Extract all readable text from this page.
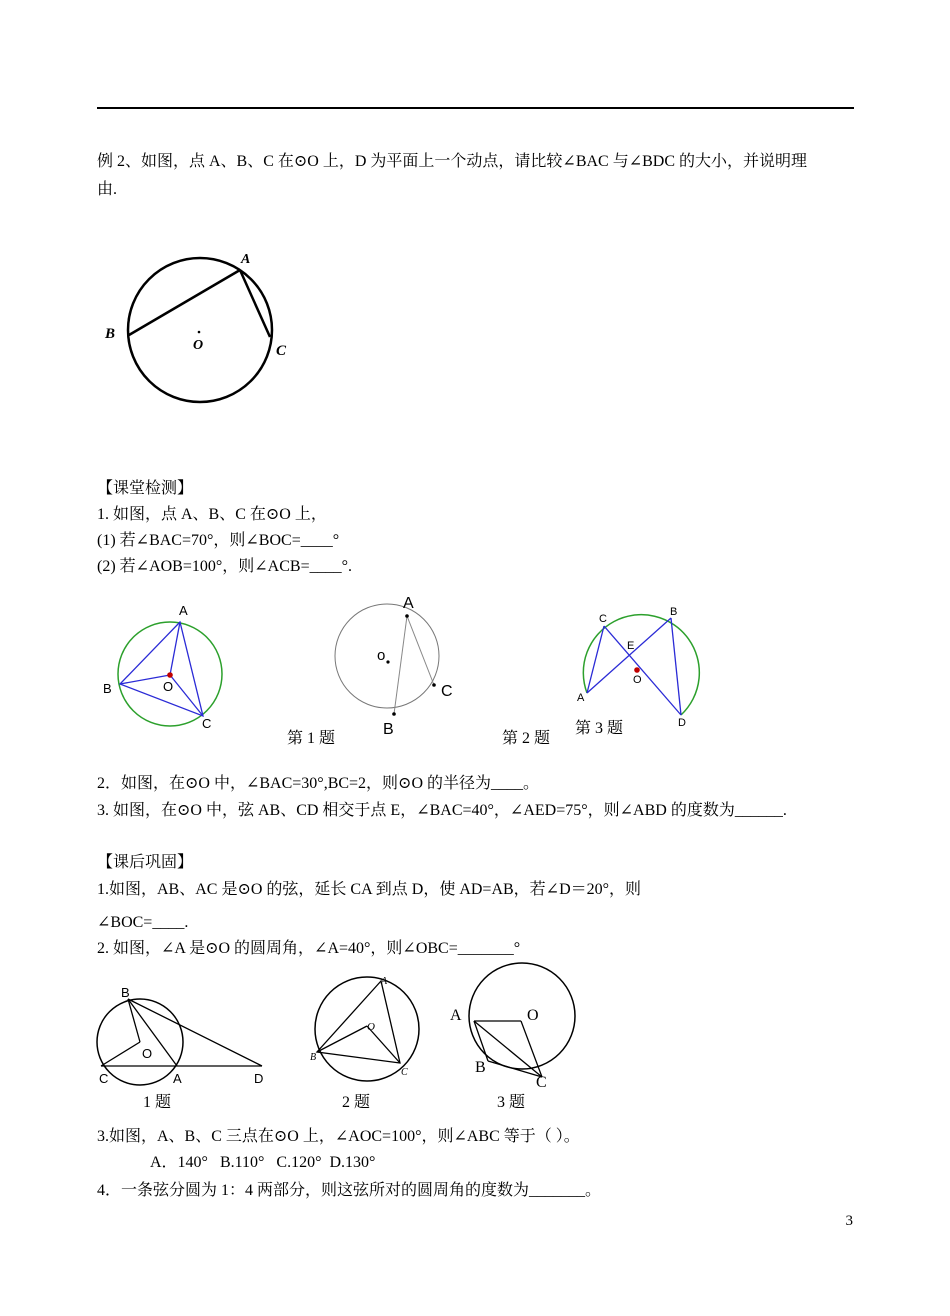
例 2、如图，点 A、B、C 在⊙O 上，D 为平面上一个动点，请比较∠BAC 与∠BDC 的大小，并说明理
由.
A
B
C
O
【课堂检测】
1. 如图，点 A、B、C 在⊙O 上，
(1) 若∠BAC=70°，则∠BOC=____°
(2) 若∠AOB=100°，则∠ACB=____°.
A
B
C
O
A
B
C
o
C
B
A
D
E
O
第 1 题	第 2 题
第 3 题
2．如图，在⊙O 中，∠BAC=30°,BC=2，则⊙O 的半径为____。
3. 如图，在⊙O 中，弦 AB、CD 相交于点 E，∠BAC=40°，∠AED=75°，则∠ABD 的度数为______.
【课后巩固】
1.如图，AB、AC 是⊙O 的弦，延长 CA 到点 D，使 AD=AB，若∠D＝20°，则
∠BOC=____.
2. 如图，∠A 是⊙O 的圆周角，∠A=40°，则∠OBC=_______°
B
C	A	D
O
A
B
C
O
A
B
C
O
1 题	2 题	3 题
3.如图，A、B、C 三点在⊙O 上，∠AOC=100°，则∠ABC 等于（ ）。
A．140°   B.110°   C.120°  D.130°
4．一条弦分圆为 1：4 两部分，则这弦所对的圆周角的度数为_______。
3
